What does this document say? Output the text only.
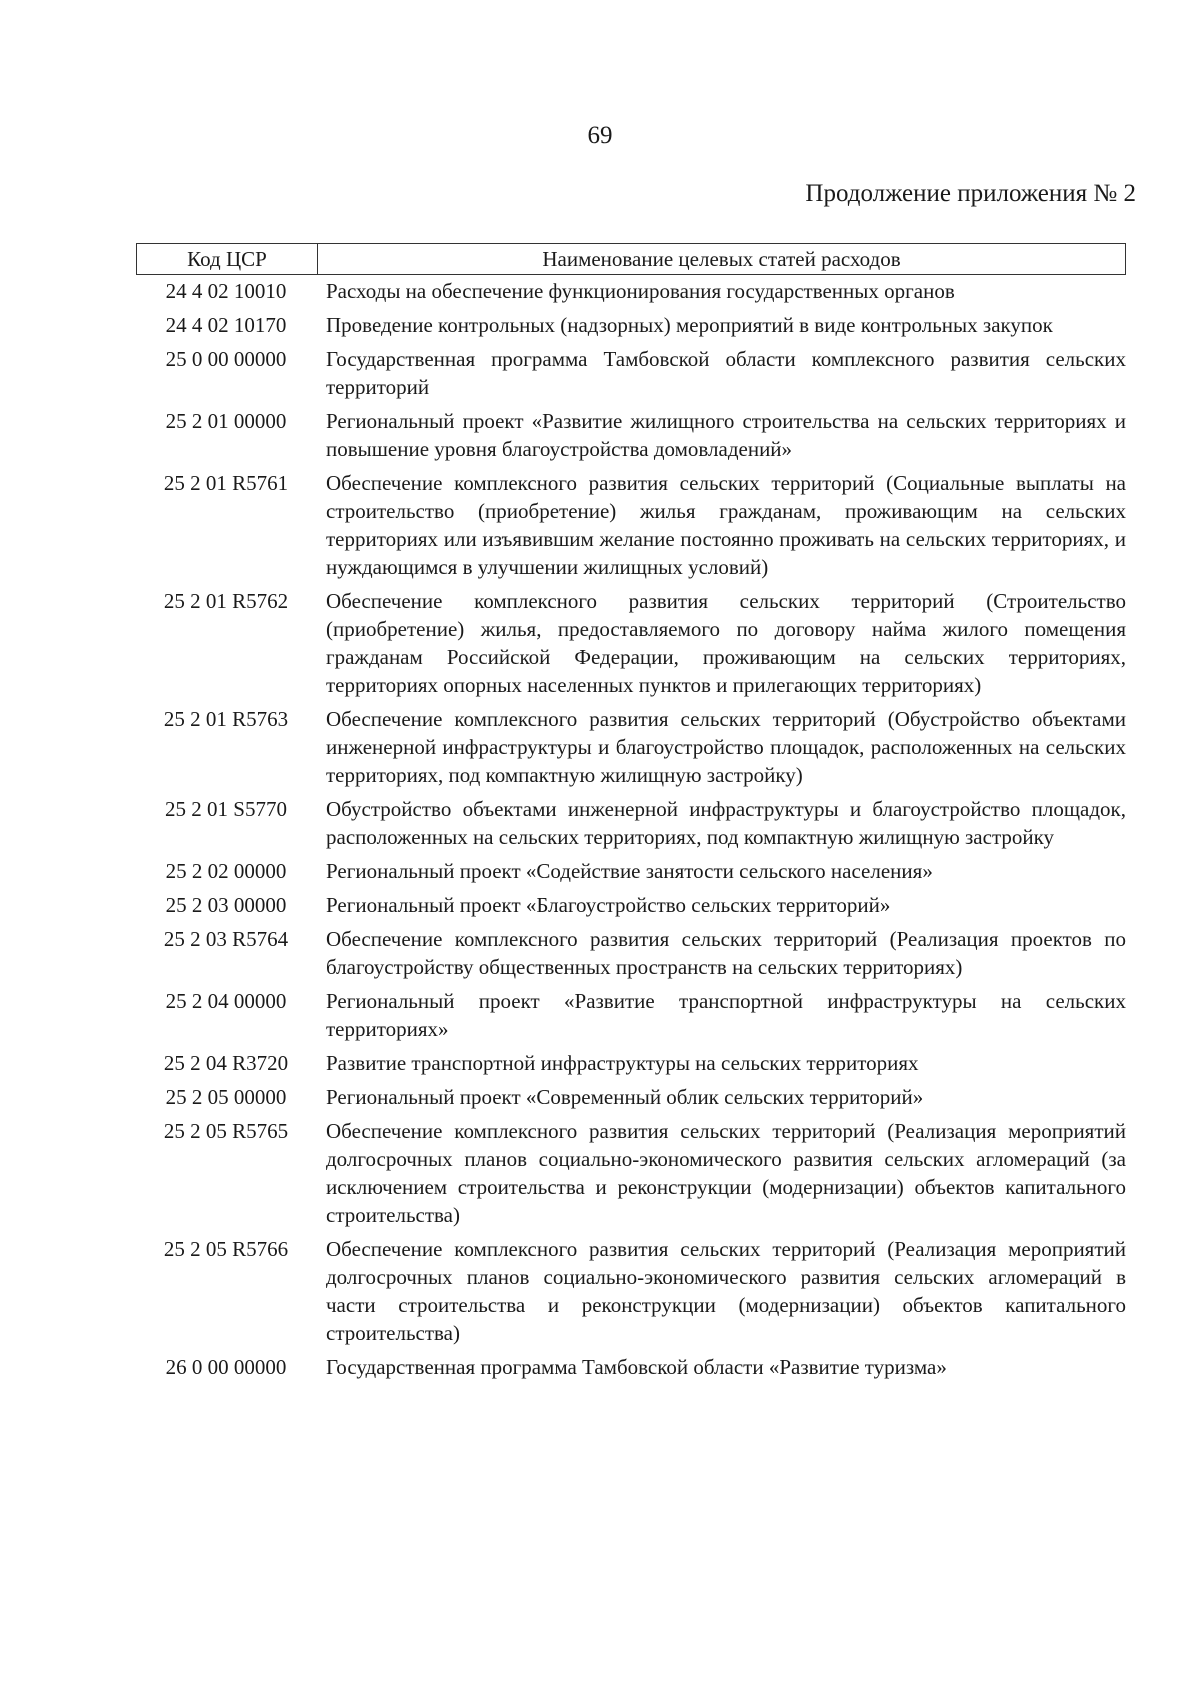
69
Продолжение приложения № 2
Код ЦСР	Наименование целевых статей расходов
24 4 02 10010	Расходы на обеспечение функционирования государственных органов
24 4 02 10170	Проведение контрольных (надзорных) мероприятий в виде контрольных закупок
25 0 00 00000	Государственная программа Тамбовской области комплексного развития сельских территорий
25 2 01 00000	Региональный проект «Развитие жилищного строительства на сельских территориях и повышение уровня благоустройства домовладений»
25 2 01 R5761	Обеспечение комплексного развития сельских территорий (Социальные выплаты на строительство (приобретение) жилья гражданам, проживающим на сельских территориях или изъявившим желание постоянно проживать на сельских территориях, и нуждающимся в улучшении жилищных условий)
25 2 01 R5762	Обеспечение комплексного развития сельских территорий (Строительство (приобретение) жилья, предоставляемого по договору найма жилого помещения гражданам Российской Федерации, проживающим на сельских территориях, территориях опорных населенных пунктов и прилегающих территориях)
25 2 01 R5763	Обеспечение комплексного развития сельских территорий (Обустройство объектами инженерной инфраструктуры и благоустройство площадок, расположенных на сельских территориях, под компактную жилищную застройку)
25 2 01 S5770	Обустройство объектами инженерной инфраструктуры и благоустройство площадок, расположенных на сельских территориях, под компактную жилищную застройку
25 2 02 00000	Региональный проект «Содействие занятости сельского населения»
25 2 03 00000	Региональный проект «Благоустройство сельских территорий»
25 2 03 R5764	Обеспечение комплексного развития сельских территорий (Реализация проектов по благоустройству общественных пространств на сельских территориях)
25 2 04 00000	Региональный проект «Развитие транспортной инфраструктуры на сельских территориях»
25 2 04 R3720	Развитие транспортной инфраструктуры на сельских территориях
25 2 05 00000	Региональный проект «Современный облик сельских территорий»
25 2 05 R5765	Обеспечение комплексного развития сельских территорий (Реализация мероприятий долгосрочных планов социально-экономического развития сельских агломераций (за исключением строительства и реконструкции (модернизации) объектов капитального строительства)
25 2 05 R5766	Обеспечение комплексного развития сельских территорий (Реализация мероприятий долгосрочных планов социально-экономического развития сельских агломераций в части строительства и реконструкции (модернизации) объектов капитального строительства)
26 0 00 00000	Государственная программа Тамбовской области «Развитие туризма»
